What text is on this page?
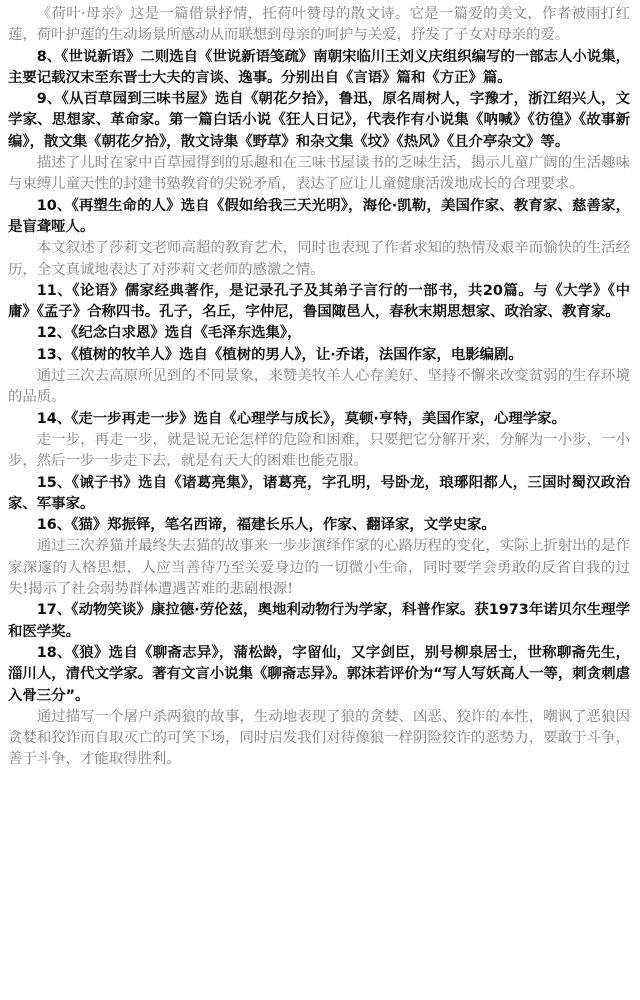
《荷叶·母亲》这是一篇借景抒情，托荷叶赞母的散文诗。它是一篇爱的美文，作者被雨打红莲，荷叶护莲的生动场景所感动从而联想到母亲的呵护与关爱，抒发了子女对母亲的爱。

8、《世说新语》二则选自《世说新语笺疏》南朝宋临川王刘义庆组织编写的一部志人小说集，主要记载汉末至东晋士大夫的言谈、逸事。分别出自《言语》篇和《方正》篇。

9、《从百草园到三味书屋》选自《朝花夕拾》，鲁迅，原名周树人，字豫才，浙江绍兴人，文学家、思想家、革命家。第一篇白话小说《狂人日记》，代表作有小说集《呐喊》《彷徨》《故事新编》，散文集《朝花夕拾》，散文诗集《野草》和杂文集《坟》《热风》《且介亭杂文》等。

描述了儿时在家中百草园得到的乐趣和在三味书屋读书的乏味生活，揭示儿童广阔的生活趣味与束缚儿童天性的封建书塾教育的尖锐矛盾，表达了应让儿童健康活泼地成长的合理要求。

10、《再塑生命的人》选自《假如给我三天光明》，海伦·凯勒，美国作家、教育家、慈善家，是盲聋哑人。

本文叙述了莎莉文老师高超的教育艺术，同时也表现了作者求知的热情及艰辛而愉快的生活经历，全文真诚地表达了对莎莉文老师的感激之情。

11、《论语》儒家经典著作，是记录孔子及其弟子言行的一部书，共20篇。与《大学》《中庸》《孟子》合称四书。孔子，名丘，字仲尼，鲁国陬邑人，春秋末期思想家、政治家、教育家。

12、《纪念白求恩》选自《毛泽东选集》，

13、《植树的牧羊人》选自《植树的男人》，让·乔诺，法国作家，电影编剧。

通过三次去高原所见到的不同景象，来赞美牧羊人心存美好、坚持不懈来改变贫弱的生存环境的品质。

14、《走一步再走一步》选自《心理学与成长》，莫顿·亨特，美国作家，心理学家。

走一步，再走一步，就是说无论怎样的危险和困难，只要把它分解开来，分解为一小步，一小步，然后一步一步走下去，就是有天大的困难也能克服。

15、《诫子书》选自《诸葛亮集》，诸葛亮，字孔明，号卧龙，琅琊阳都人，三国时蜀汉政治家、军事家。

16、《猫》郑振铎，笔名西谛，福建长乐人，作家、翻译家，文学史家。

通过三次养猫并最终失去猫的故事来一步步演绎作家的心路历程的变化，实际上折射出的是作家深邃的人格思想，人应当善待乃至关爱身边的一切微小生命，同时要学会勇敢的反省自我的过失!揭示了社会弱势群体遭遇苦难的悲剧根源!

17、《动物笑谈》康拉德·劳伦兹，奥地利动物行为学家，科普作家。获1973年诺贝尔生理学和医学奖。

18、《狼》选自《聊斋志异》，蒲松龄，字留仙，又字剑臣，别号柳泉居士，世称聊斋先生，淄川人，清代文学家。著有文言小说集《聊斋志异》。郭沫若评价为“写人写妖高人一等，刺贪刺虐入骨三分”。

通过描写一个屠户杀两狼的故事，生动地表现了狼的贪婪、凶恶、狡诈的本性，嘲讽了恶狼因贪婪和狡诈而自取灭亡的可笑下场，同时启发我们对待像狼一样阴险狡诈的恶势力，要敢于斗争，善于斗争，才能取得胜利。
